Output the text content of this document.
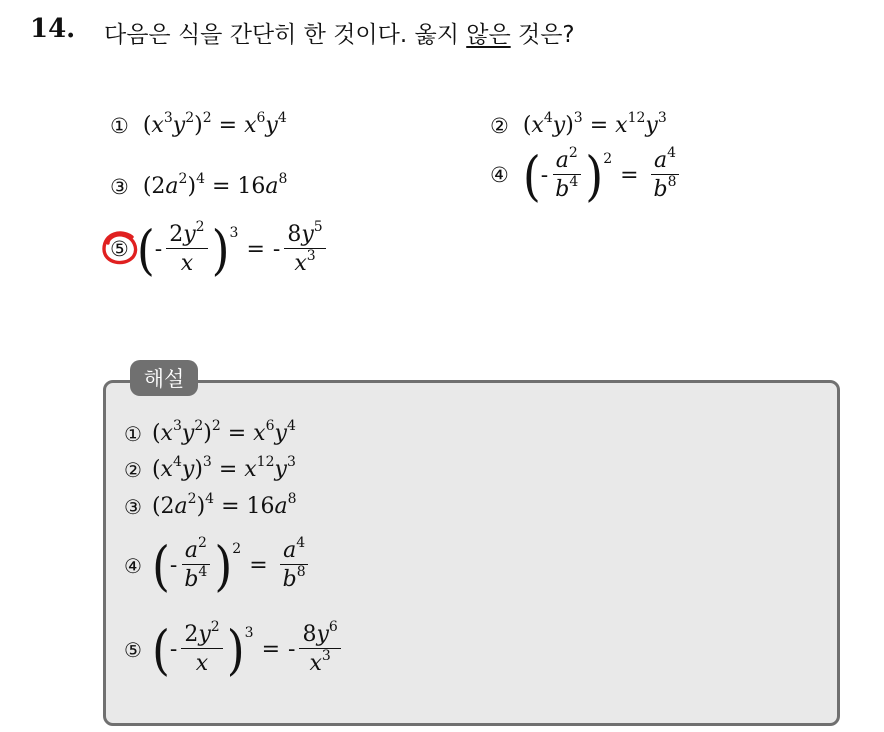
14. 다음은 식을 간단히 한 것이다. 옳지 않은 것은?
① $(x^3y^2)^2 = x^6y^4$	② $(x^4y)^3 = x^{12}y^3$
③ $(2a^2)^4 = 16a^8$	④ ( - $\frac{a^2}{b^4}$ ) 2
= $\frac{a^4}{b^8}$
⑤ ( - $\frac{2y^2}{x}$ ) 3
= - $\frac{8y^5}{x^3}$
해설
① $(x^3y^2)^2 = x^6y^4$
② $(x^4y)^3 = x^{12}y^3$
③ $(2a^2)^4 = 16a^8$
④ ( - $\frac{a^2}{b^4}$ ) 2
= $\frac{a^4}{b^8}$
⑤ ( - $\frac{2y^2}{x}$ ) 3
= - $\frac{8y^6}{x^3}$
